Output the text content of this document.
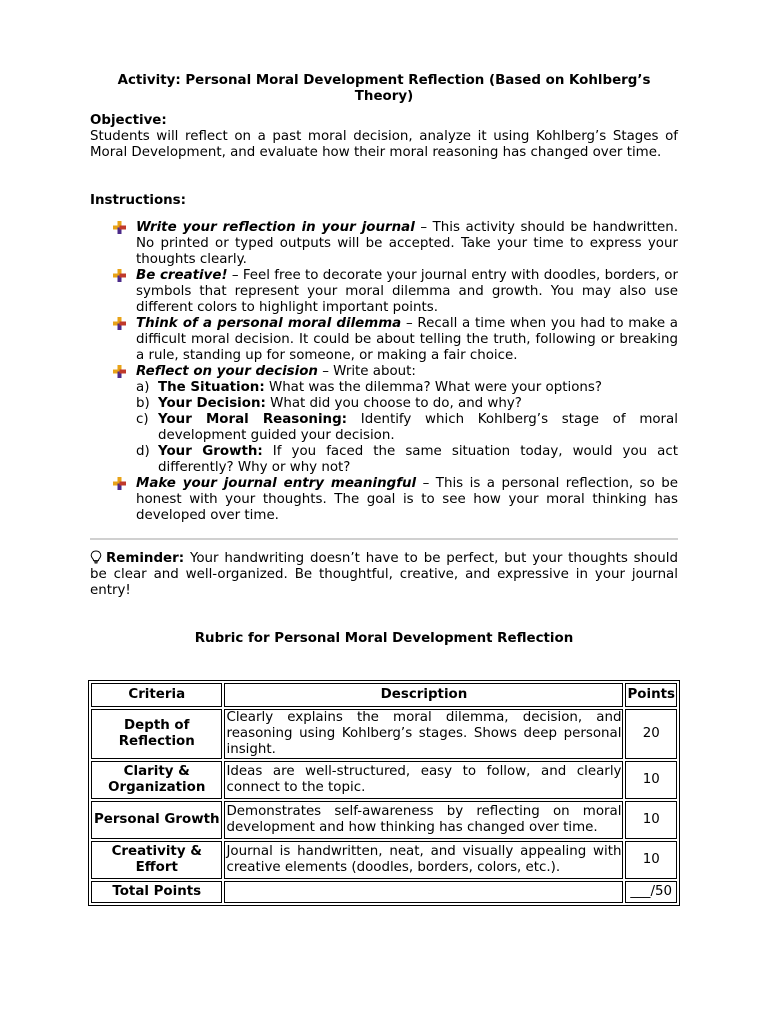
Activity: Personal Moral Development Reflection (Based on Kohlberg’s Theory)
Objective:
Students will reflect on a past moral decision, analyze it using Kohlberg’s Stages of Moral Development, and evaluate how their moral reasoning has changed over time.
Instructions:
Write your reflection in your journal – This activity should be handwritten. No printed or typed outputs will be accepted. Take your time to express your thoughts clearly.
Be creative! – Feel free to decorate your journal entry with doodles, borders, or symbols that represent your moral dilemma and growth. You may also use different colors to highlight important points.
Think of a personal moral dilemma – Recall a time when you had to make a difficult moral decision. It could be about telling the truth, following or breaking a rule, standing up for someone, or making a fair choice.
Reflect on your decision – Write about:
a) The Situation: What was the dilemma? What were your options?
b) Your Decision: What did you choose to do, and why?
c) Your Moral Reasoning: Identify which Kohlberg’s stage of moral development guided your decision.
d) Your Growth: If you faced the same situation today, would you act differently? Why or why not?
Make your journal entry meaningful – This is a personal reflection, so be honest with your thoughts. The goal is to see how your moral thinking has developed over time.
Reminder: Your handwriting doesn’t have to be perfect, but your thoughts should be clear and well-organized. Be thoughtful, creative, and expressive in your journal entry!
Rubric for Personal Moral Development Reflection
Criteria	Description	Points
Depth of Reflection	Clearly explains the moral dilemma, decision, and reasoning using Kohlberg’s stages. Shows deep personal insight.	20
Clarity & Organization	Ideas are well-structured, easy to follow, and clearly connect to the topic.	10
Personal Growth	Demonstrates self-awareness by reflecting on moral development and how thinking has changed over time.	10
Creativity & Effort	Journal is handwritten, neat, and visually appealing with creative elements (doodles, borders, colors, etc.).	10
Total Points		___/50
